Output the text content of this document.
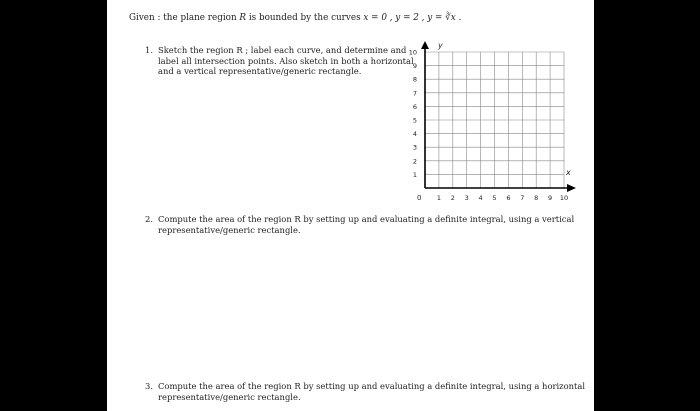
Given : the plane region R is bounded by the curves x = 0 , y = 2 , y = ∛x .

1. Sketch the region R ; label each curve, and determine and
label all intersection points. Also sketch in both a horizontal
and a vertical representative/generic rectangle.
y
x
0 1 2 3 4 5 6 7 8 9 10
1
2
3
4
5
6
7
8
9
10
2. Compute the area of the region R by setting up and evaluating a definite integral, using a vertical
representative/generic rectangle.
3. Compute the area of the region R by setting up and evaluating a definite integral, using a horizontal
representative/generic rectangle.
